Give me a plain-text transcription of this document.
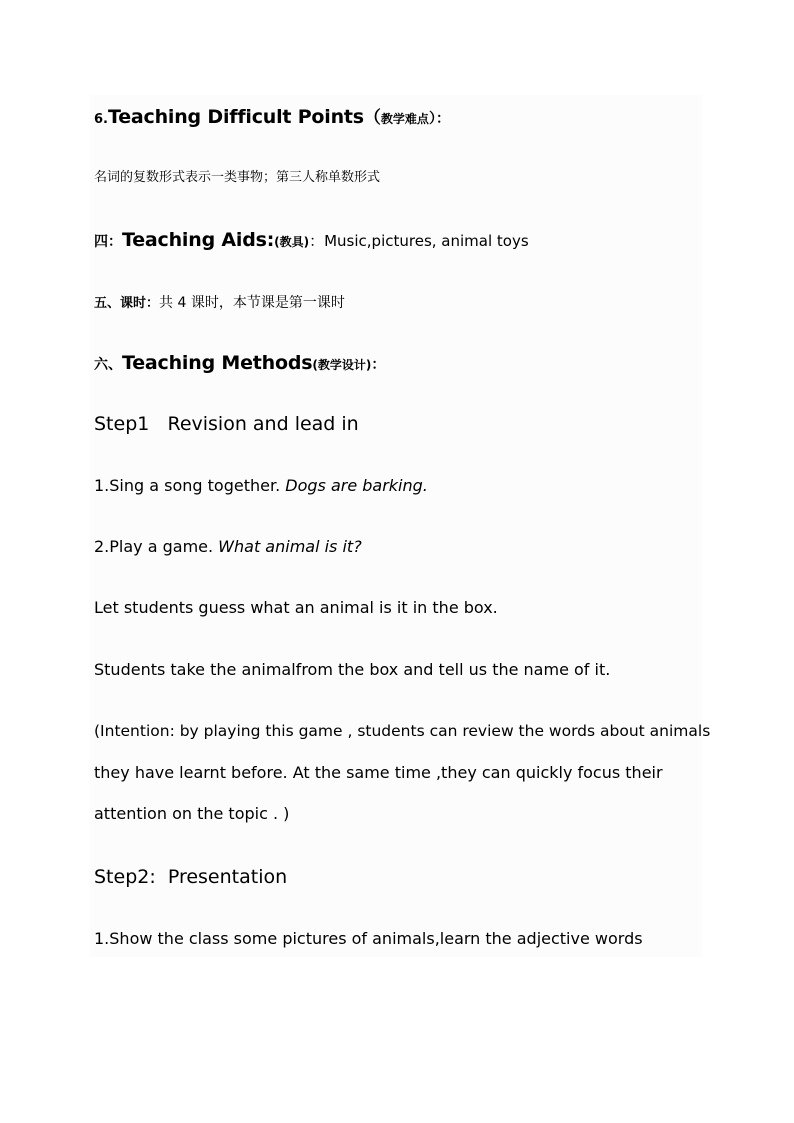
6.Teaching Difficult Points（教学难点）：
名词的复数形式表示一类事物；第三人称单数形式
四：Teaching Aids:(教具)：Music,pictures, animal toys
五、课时：共 4 课时，本节课是第一课时
六、Teaching Methods(教学设计)：
Step1   Revision and lead in
1.Sing a song together. Dogs are barking.
2.Play a game. What animal is it?
Let students guess what an animal is it in the box.
Students take the animalfrom the box and tell us the name of it.
(Intention: by playing this game , students can review the words about animals
they have learnt before. At the same time ,they can quickly focus their
attention on the topic . )
Step2:  Presentation
1.Show the class some pictures of animals,learn the adjective words
